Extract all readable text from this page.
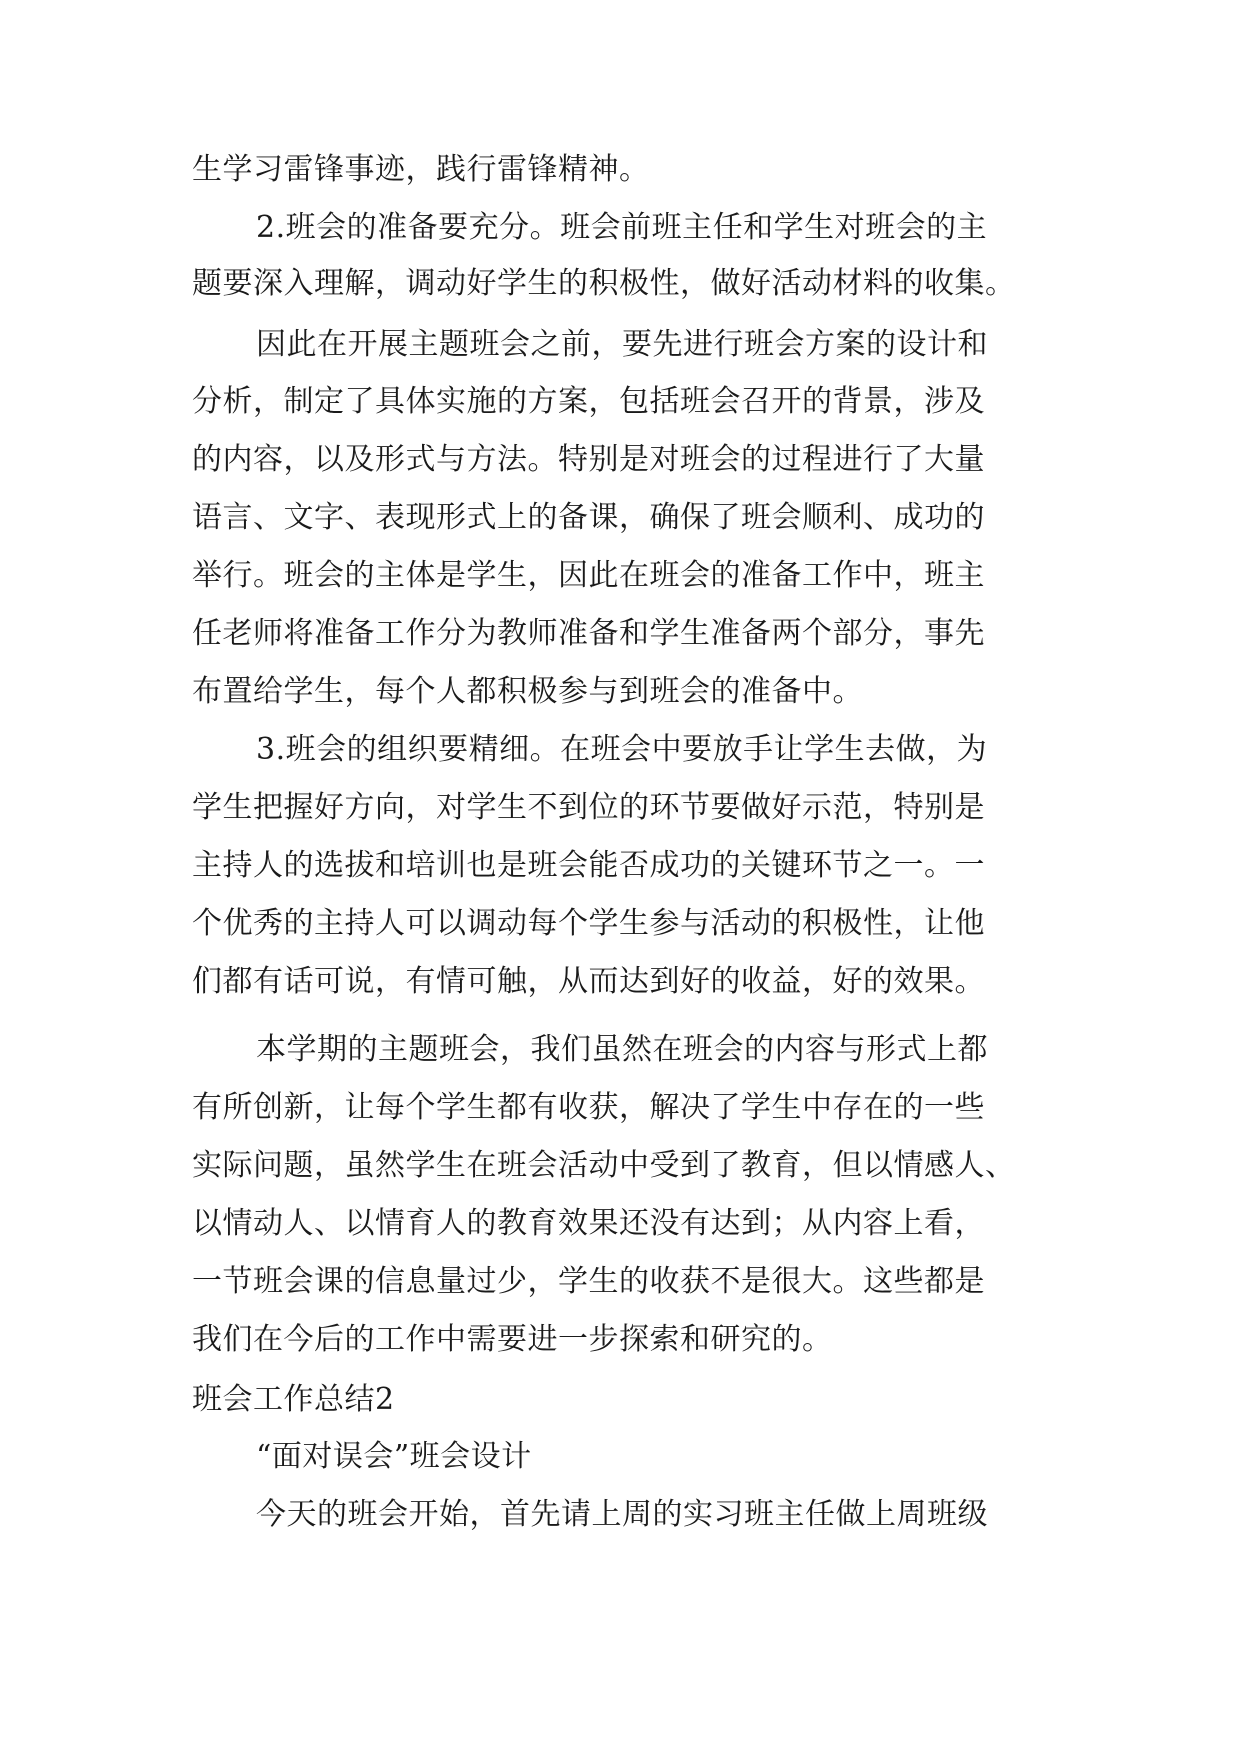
生学习雷锋事迹，践行雷锋精神。
2.班会的准备要充分。班会前班主任和学生对班会的主
题要深入理解，调动好学生的积极性，做好活动材料的收集。
因此在开展主题班会之前，要先进行班会方案的设计和
分析，制定了具体实施的方案，包括班会召开的背景，涉及
的内容，以及形式与方法。特别是对班会的过程进行了大量
语言、文字、表现形式上的备课，确保了班会顺利、成功的
举行。班会的主体是学生，因此在班会的准备工作中，班主
任老师将准备工作分为教师准备和学生准备两个部分，事先
布置给学生，每个人都积极参与到班会的准备中。
3.班会的组织要精细。在班会中要放手让学生去做，为
学生把握好方向，对学生不到位的环节要做好示范，特别是
主持人的选拔和培训也是班会能否成功的关键环节之一。一
个优秀的主持人可以调动每个学生参与活动的积极性，让他
们都有话可说，有情可触，从而达到好的收益，好的效果。
本学期的主题班会，我们虽然在班会的内容与形式上都
有所创新，让每个学生都有收获，解决了学生中存在的一些
实际问题，虽然学生在班会活动中受到了教育，但以情感人、
以情动人、以情育人的教育效果还没有达到；从内容上看，
一节班会课的信息量过少，学生的收获不是很大。这些都是
我们在今后的工作中需要进一步探索和研究的。
班会工作总结2
“面对误会”班会设计
今天的班会开始，首先请上周的实习班主任做上周班级
